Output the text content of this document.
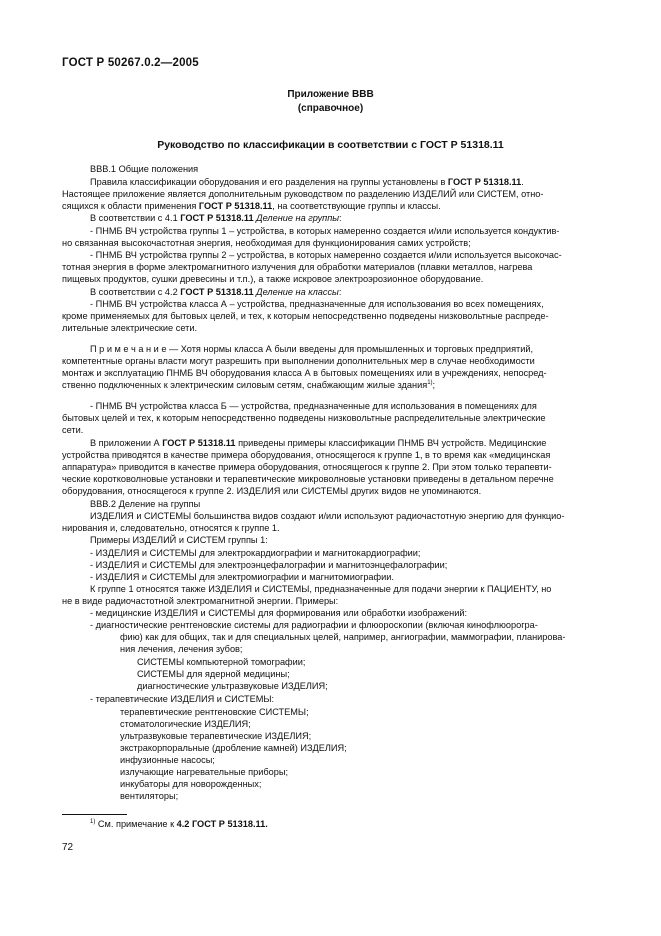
ГОСТ Р 50267.0.2—2005
Приложение ВВВ
(справочное)
Руководство по классификации в соответствии с ГОСТ Р 51318.11
ВВВ.1 Общие положения
Правила классификации оборудования и его разделения на группы установлены в ГОСТ Р 51318.11.
Настоящее приложение является дополнительным руководством по разделению ИЗДЕЛИЙ или СИСТЕМ, отно-
сящихся к области применения ГОСТ Р 51318.11, на соответствующие группы и классы.
В соответствии с 4.1 ГОСТ Р 51318.11 Деление на группы:
- ПНМБ ВЧ устройства группы 1 – устройства, в которых намеренно создается и/или используется кондуктив-
но связанная высокочастотная энергия, необходимая для функционирования самих устройств;
- ПНМБ ВЧ устройства группы 2 – устройства, в которых намеренно создается и/или используется высокочас-
тотная энергия в форме электромагнитного излучения для обработки материалов (плавки металлов, нагрева
пищевых продуктов, сушки древесины и т.п.), а также искровое электроэрозионное оборудование.
В соответствии с 4.2 ГОСТ Р 51318.11 Деление на классы:
- ПНМБ ВЧ устройства класса А – устройства, предназначенные для использования во всех помещениях,
кроме применяемых для бытовых целей, и тех, к которым непосредственно подведены низковольтные распреде-
лительные электрические сети.
П р и м е ч а н и е — Хотя нормы класса А были введены для промышленных и торговых предприятий,
компетентные органы власти могут разрешить при выполнении дополнительных мер в случае необходимости
монтаж и эксплуатацию ПНМБ ВЧ оборудования класса А в бытовых помещениях или в учреждениях, непосред-
ственно подключенных к электрическим силовым сетям, снабжающим жилые здания$^{1)}$;
- ПНМБ ВЧ устройства класса Б — устройства, предназначенные для использования в помещениях для
бытовых целей и тех, к которым непосредственно подведены низковольтные распределительные электрические
сети.
В приложении А ГОСТ Р 51318.11 приведены примеры классификации ПНМБ ВЧ устройств. Медицинские
устройства приводятся в качестве примера оборудования, относящегося к группе 1, в то время как «медицинская
аппаратура» приводится в качестве примера оборудования, относящегося к группе 2. При этом только терапевти-
ческие коротковолновые установки и терапевтические микроволновые установки приведены в детальном перечне
оборудования, относящегося к группе 2. ИЗДЕЛИЯ или СИСТЕМЫ других видов не упоминаются.
ВВВ.2 Деление на группы
ИЗДЕЛИЯ и СИСТЕМЫ большинства видов создают и/или используют радиочастотную энергию для функцио-
нирования и, следовательно, относятся к группе 1.
Примеры ИЗДЕЛИЙ и СИСТЕМ группы 1:
- ИЗДЕЛИЯ и СИСТЕМЫ для электрокардиографии и магнитокардиографии;
- ИЗДЕЛИЯ и СИСТЕМЫ для электроэнцефалографии и магнитоэнцефалографии;
- ИЗДЕЛИЯ и СИСТЕМЫ для электромиографии и магнитомиографии.
К группе 1 относятся также ИЗДЕЛИЯ и СИСТЕМЫ, предназначенные для подачи энергии к ПАЦИЕНТУ, но
не в виде радиочастотной электромагнитной энергии. Примеры:
- медицинские ИЗДЕЛИЯ и СИСТЕМЫ для формирования или обработки изображений:
- диагностические рентгеновские системы для радиографии и флюороскопии (включая кинофлюорогра-
фию) как для общих, так и для специальных целей, например, ангиографии, маммографии, планирова-
ния лечения, лечения зубов;
СИСТЕМЫ компьютерной томографии;
СИСТЕМЫ для ядерной медицины;
диагностические ультразвуковые ИЗДЕЛИЯ;
- терапевтические ИЗДЕЛИЯ и СИСТЕМЫ:
терапевтические рентгеновские СИСТЕМЫ;
стоматологические ИЗДЕЛИЯ;
ультразвуковые терапевтические ИЗДЕЛИЯ;
экстракорпоральные (дробление камней) ИЗДЕЛИЯ;
инфузионные насосы;
излучающие нагревательные приборы;
инкубаторы для новорожденных;
вентиляторы;
$^{1)}$ См. примечание к 4.2 ГОСТ Р 51318.11.
72
